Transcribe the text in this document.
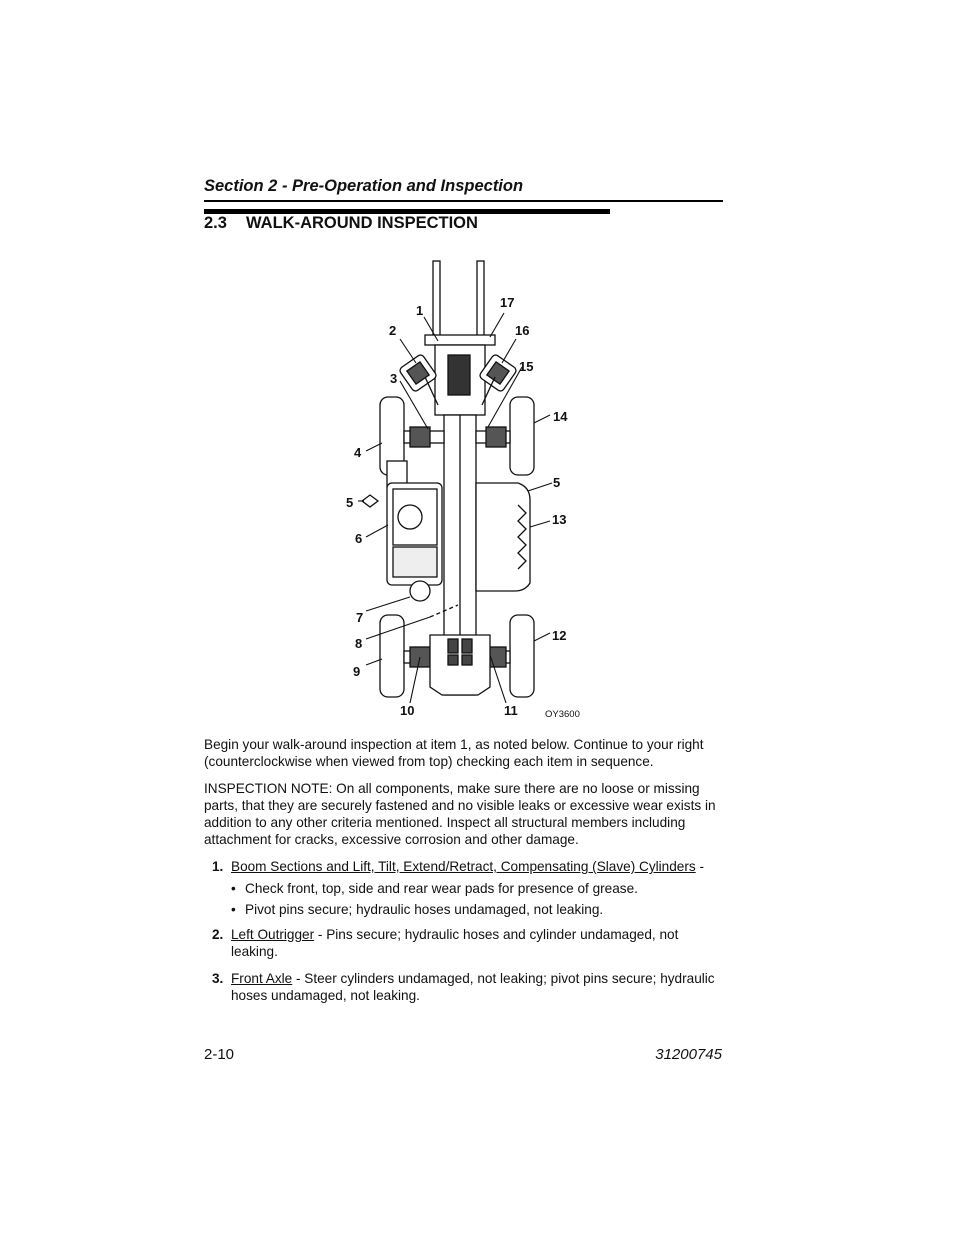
Section 2 - Pre-Operation and Inspection
2.3 WALK-AROUND INSPECTION
1
2
3
4
5
6
7
8
9
10	11
12
13
5
14
15
16
17
OY3600
Begin your walk-around inspection at item 1, as noted below. Continue to your right (counterclockwise when viewed from top) checking each item in sequence.
INSPECTION NOTE: On all components, make sure there are no loose or missing parts, that they are securely fastened and no visible leaks or excessive wear exists in addition to any other criteria mentioned. Inspect all structural members including attachment for cracks, excessive corrosion and other damage.
1. Boom Sections and Lift, Tilt, Extend/Retract, Compensating (Slave) Cylinders -
• Check front, top, side and rear wear pads for presence of grease.
• Pivot pins secure; hydraulic hoses undamaged, not leaking.
2. Left Outrigger - Pins secure; hydraulic hoses and cylinder undamaged, not leaking.
3. Front Axle - Steer cylinders undamaged, not leaking; pivot pins secure; hydraulic hoses undamaged, not leaking.
2-10	31200745
